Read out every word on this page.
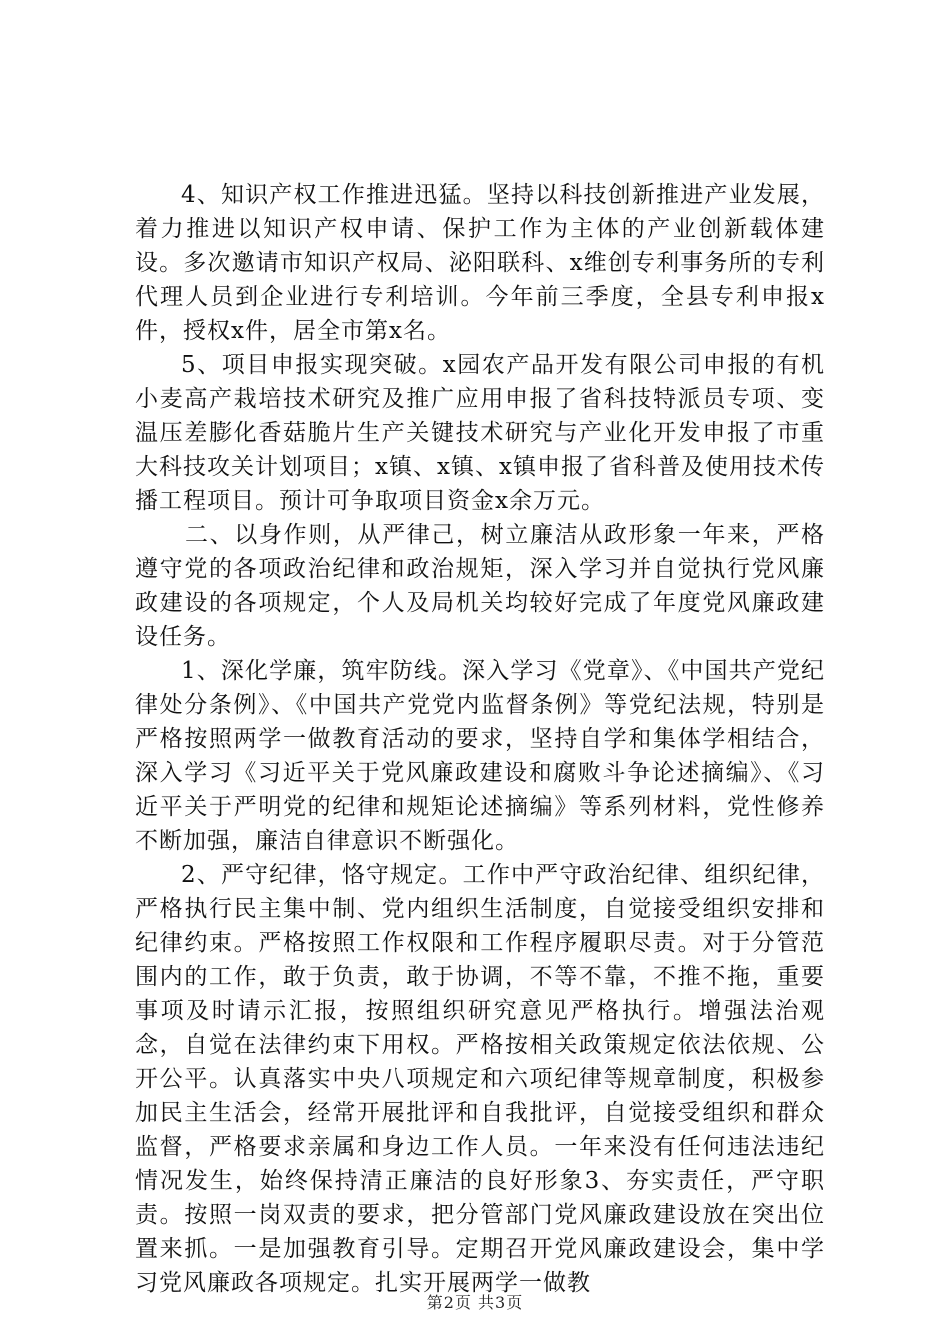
4、知识产权工作推进迅猛。坚持以科技创新推进产业发展，着力推进以知识产权申请、保护工作为主体的产业创新载体建设。多次邀请市知识产权局、泌阳联科、x维创专利事务所的专利代理人员到企业进行专利培训。今年前三季度，全县专利申报x件，授权x件，居全市第x名。

5、项目申报实现突破。x园农产品开发有限公司申报的有机小麦高产栽培技术研究及推广应用申报了省科技特派员专项、变温压差膨化香菇脆片生产关键技术研究与产业化开发申报了市重大科技攻关计划项目；x镇、x镇、x镇申报了省科普及使用技术传播工程项目。预计可争取项目资金x余万元。

二、以身作则，从严律己，树立廉洁从政形象一年来，严格遵守党的各项政治纪律和政治规矩，深入学习并自觉执行党风廉政建设的各项规定，个人及局机关均较好完成了年度党风廉政建设任务。

1、深化学廉，筑牢防线。深入学习《党章》、《中国共产党纪律处分条例》、《中国共产党党内监督条例》等党纪法规，特别是严格按照两学一做教育活动的要求，坚持自学和集体学相结合，深入学习《习近平关于党风廉政建设和腐败斗争论述摘编》、《习近平关于严明党的纪律和规矩论述摘编》等系列材料，党性修养不断加强，廉洁自律意识不断强化。

2、严守纪律，恪守规定。工作中严守政治纪律、组织纪律，严格执行民主集中制、党内组织生活制度，自觉接受组织安排和纪律约束。严格按照工作权限和工作程序履职尽责。对于分管范围内的工作，敢于负责，敢于协调，不等不靠，不推不拖，重要事项及时请示汇报，按照组织研究意见严格执行。增强法治观念，自觉在法律约束下用权。严格按相关政策规定依法依规、公开公平。认真落实中央八项规定和六项纪律等规章制度，积极参加民主生活会，经常开展批评和自我批评，自觉接受组织和群众监督，严格要求亲属和身边工作人员。一年来没有任何违法违纪情况发生，始终保持清正廉洁的良好形象3、夯实责任，严守职责。按照一岗双责的要求，把分管部门党风廉政建设放在突出位置来抓。一是加强教育引导。定期召开党风廉政建设会，集中学习党风廉政各项规定。扎实开展两学一做教

第2页 共3页
